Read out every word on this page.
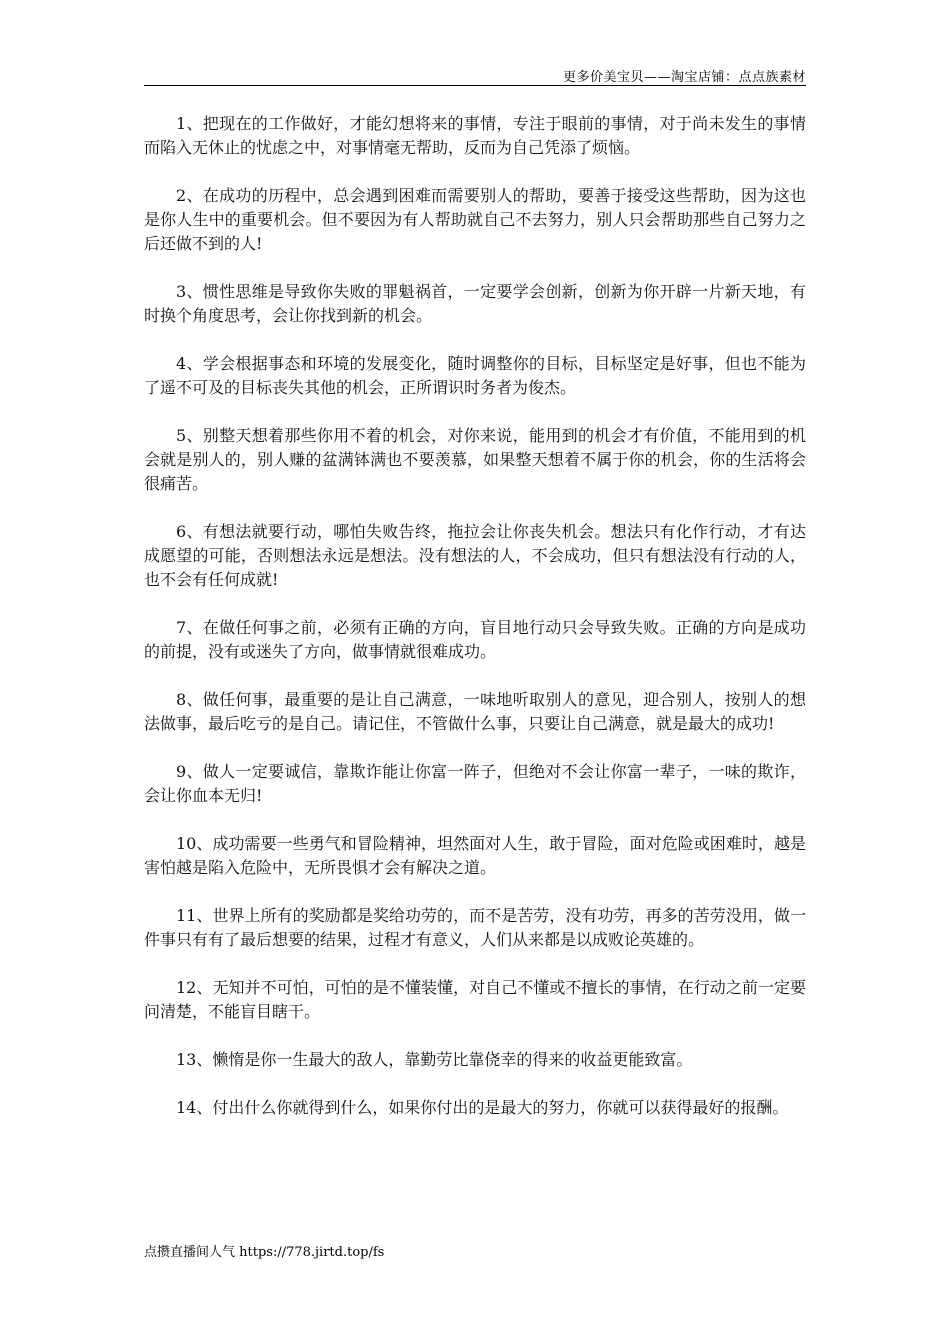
更多价美宝贝——淘宝店铺：点点族素材

1、把现在的工作做好，才能幻想将来的事情，专注于眼前的事情，对于尚未发生的事情而陷入无休止的忧虑之中，对事情毫无帮助，反而为自己凭添了烦恼。

2、在成功的历程中，总会遇到困难而需要别人的帮助，要善于接受这些帮助，因为这也是你人生中的重要机会。但不要因为有人帮助就自己不去努力，别人只会帮助那些自己努力之后还做不到的人!

3、惯性思维是导致你失败的罪魁祸首，一定要学会创新，创新为你开辟一片新天地，有时换个角度思考，会让你找到新的机会。

4、学会根据事态和环境的发展变化，随时调整你的目标，目标坚定是好事，但也不能为了遥不可及的目标丧失其他的机会，正所谓识时务者为俊杰。

5、别整天想着那些你用不着的机会，对你来说，能用到的机会才有价值，不能用到的机会就是别人的，别人赚的盆满钵满也不要羡慕，如果整天想着不属于你的机会，你的生活将会很痛苦。

6、有想法就要行动，哪怕失败告终，拖拉会让你丧失机会。想法只有化作行动，才有达成愿望的可能，否则想法永远是想法。没有想法的人，不会成功，但只有想法没有行动的人，也不会有任何成就!

7、在做任何事之前，必须有正确的方向，盲目地行动只会导致失败。正确的方向是成功的前提，没有或迷失了方向，做事情就很难成功。

8、做任何事，最重要的是让自己满意，一味地听取别人的意见，迎合别人，按别人的想法做事，最后吃亏的是自己。请记住，不管做什么事，只要让自己满意，就是最大的成功!

9、做人一定要诚信，靠欺诈能让你富一阵子，但绝对不会让你富一辈子，一味的欺诈，会让你血本无归!

10、成功需要一些勇气和冒险精神，坦然面对人生，敢于冒险，面对危险或困难时，越是害怕越是陷入危险中，无所畏惧才会有解决之道。

11、世界上所有的奖励都是奖给功劳的，而不是苦劳，没有功劳，再多的苦劳没用，做一件事只有有了最后想要的结果，过程才有意义，人们从来都是以成败论英雄的。

12、无知并不可怕，可怕的是不懂装懂，对自己不懂或不擅长的事情，在行动之前一定要问清楚，不能盲目瞎干。

13、懒惰是你一生最大的敌人，靠勤劳比靠侥幸的得来的收益更能致富。

14、付出什么你就得到什么，如果你付出的是最大的努力，你就可以获得最好的报酬。

点攒直播间人气 https://778.jirtd.top/fs
